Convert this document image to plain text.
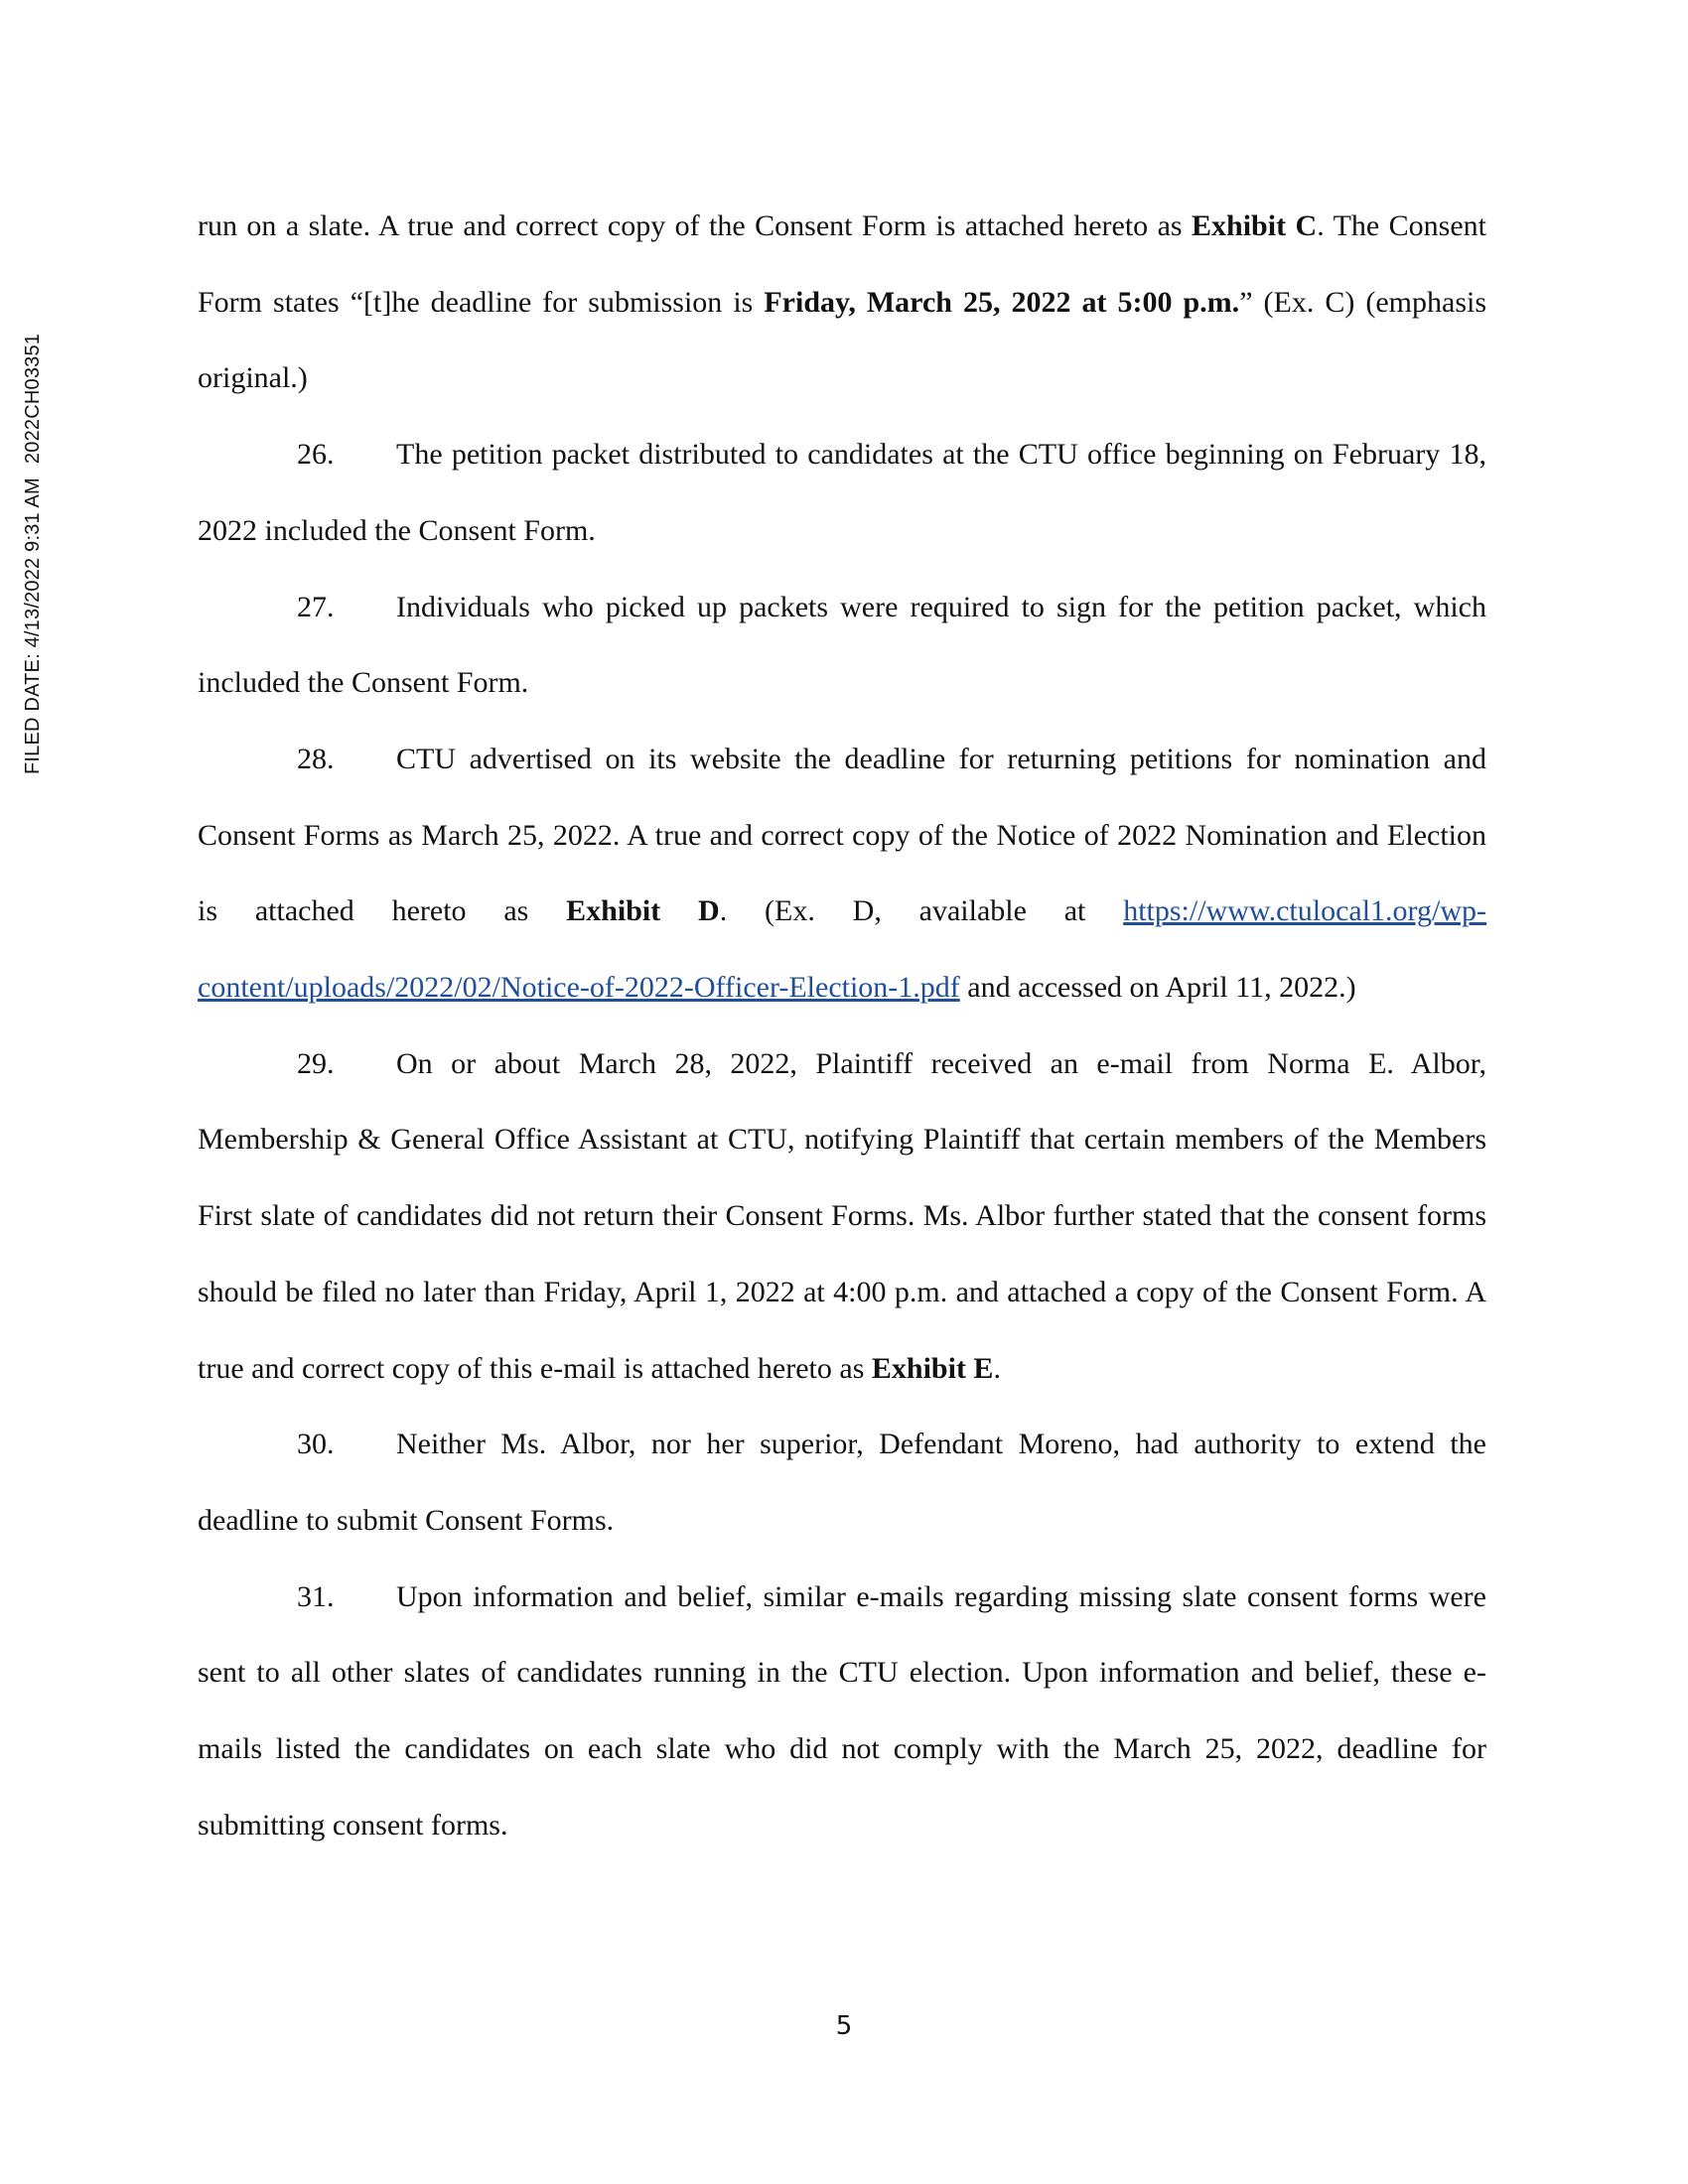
FILED DATE: 4/13/2022 9:31 AM2022CH03351

run on a slate. A true and correct copy of the Consent Form is attached hereto as Exhibit C. The Consent Form states “[t]he deadline for submission is Friday, March 25, 2022 at 5:00 p.m.” (Ex. C) (emphasis original.)

26. The petition packet distributed to candidates at the CTU office beginning on February 18, 2022 included the Consent Form.

27. Individuals who picked up packets were required to sign for the petition packet, which included the Consent Form.

28. CTU advertised on its website the deadline for returning petitions for nomination and Consent Forms as March 25, 2022. A true and correct copy of the Notice of 2022 Nomination and Election is attached hereto as Exhibit D. (Ex. D, available at https://www.ctulocal1.org/wp-content/uploads/2022/02/Notice-of-2022-Officer-Election-1.pdf and accessed on April 11, 2022.)

29. On or about March 28, 2022, Plaintiff received an e-mail from Norma E. Albor, Membership & General Office Assistant at CTU, notifying Plaintiff that certain members of the Members First slate of candidates did not return their Consent Forms. Ms. Albor further stated that the consent forms should be filed no later than Friday, April 1, 2022 at 4:00 p.m. and attached a copy of the Consent Form. A true and correct copy of this e-mail is attached hereto as Exhibit E.

30. Neither Ms. Albor, nor her superior, Defendant Moreno, had authority to extend the deadline to submit Consent Forms.

31. Upon information and belief, similar e-mails regarding missing slate consent forms were sent to all other slates of candidates running in the CTU election. Upon information and belief, these e-mails listed the candidates on each slate who did not comply with the March 25, 2022, deadline for submitting consent forms.

5
